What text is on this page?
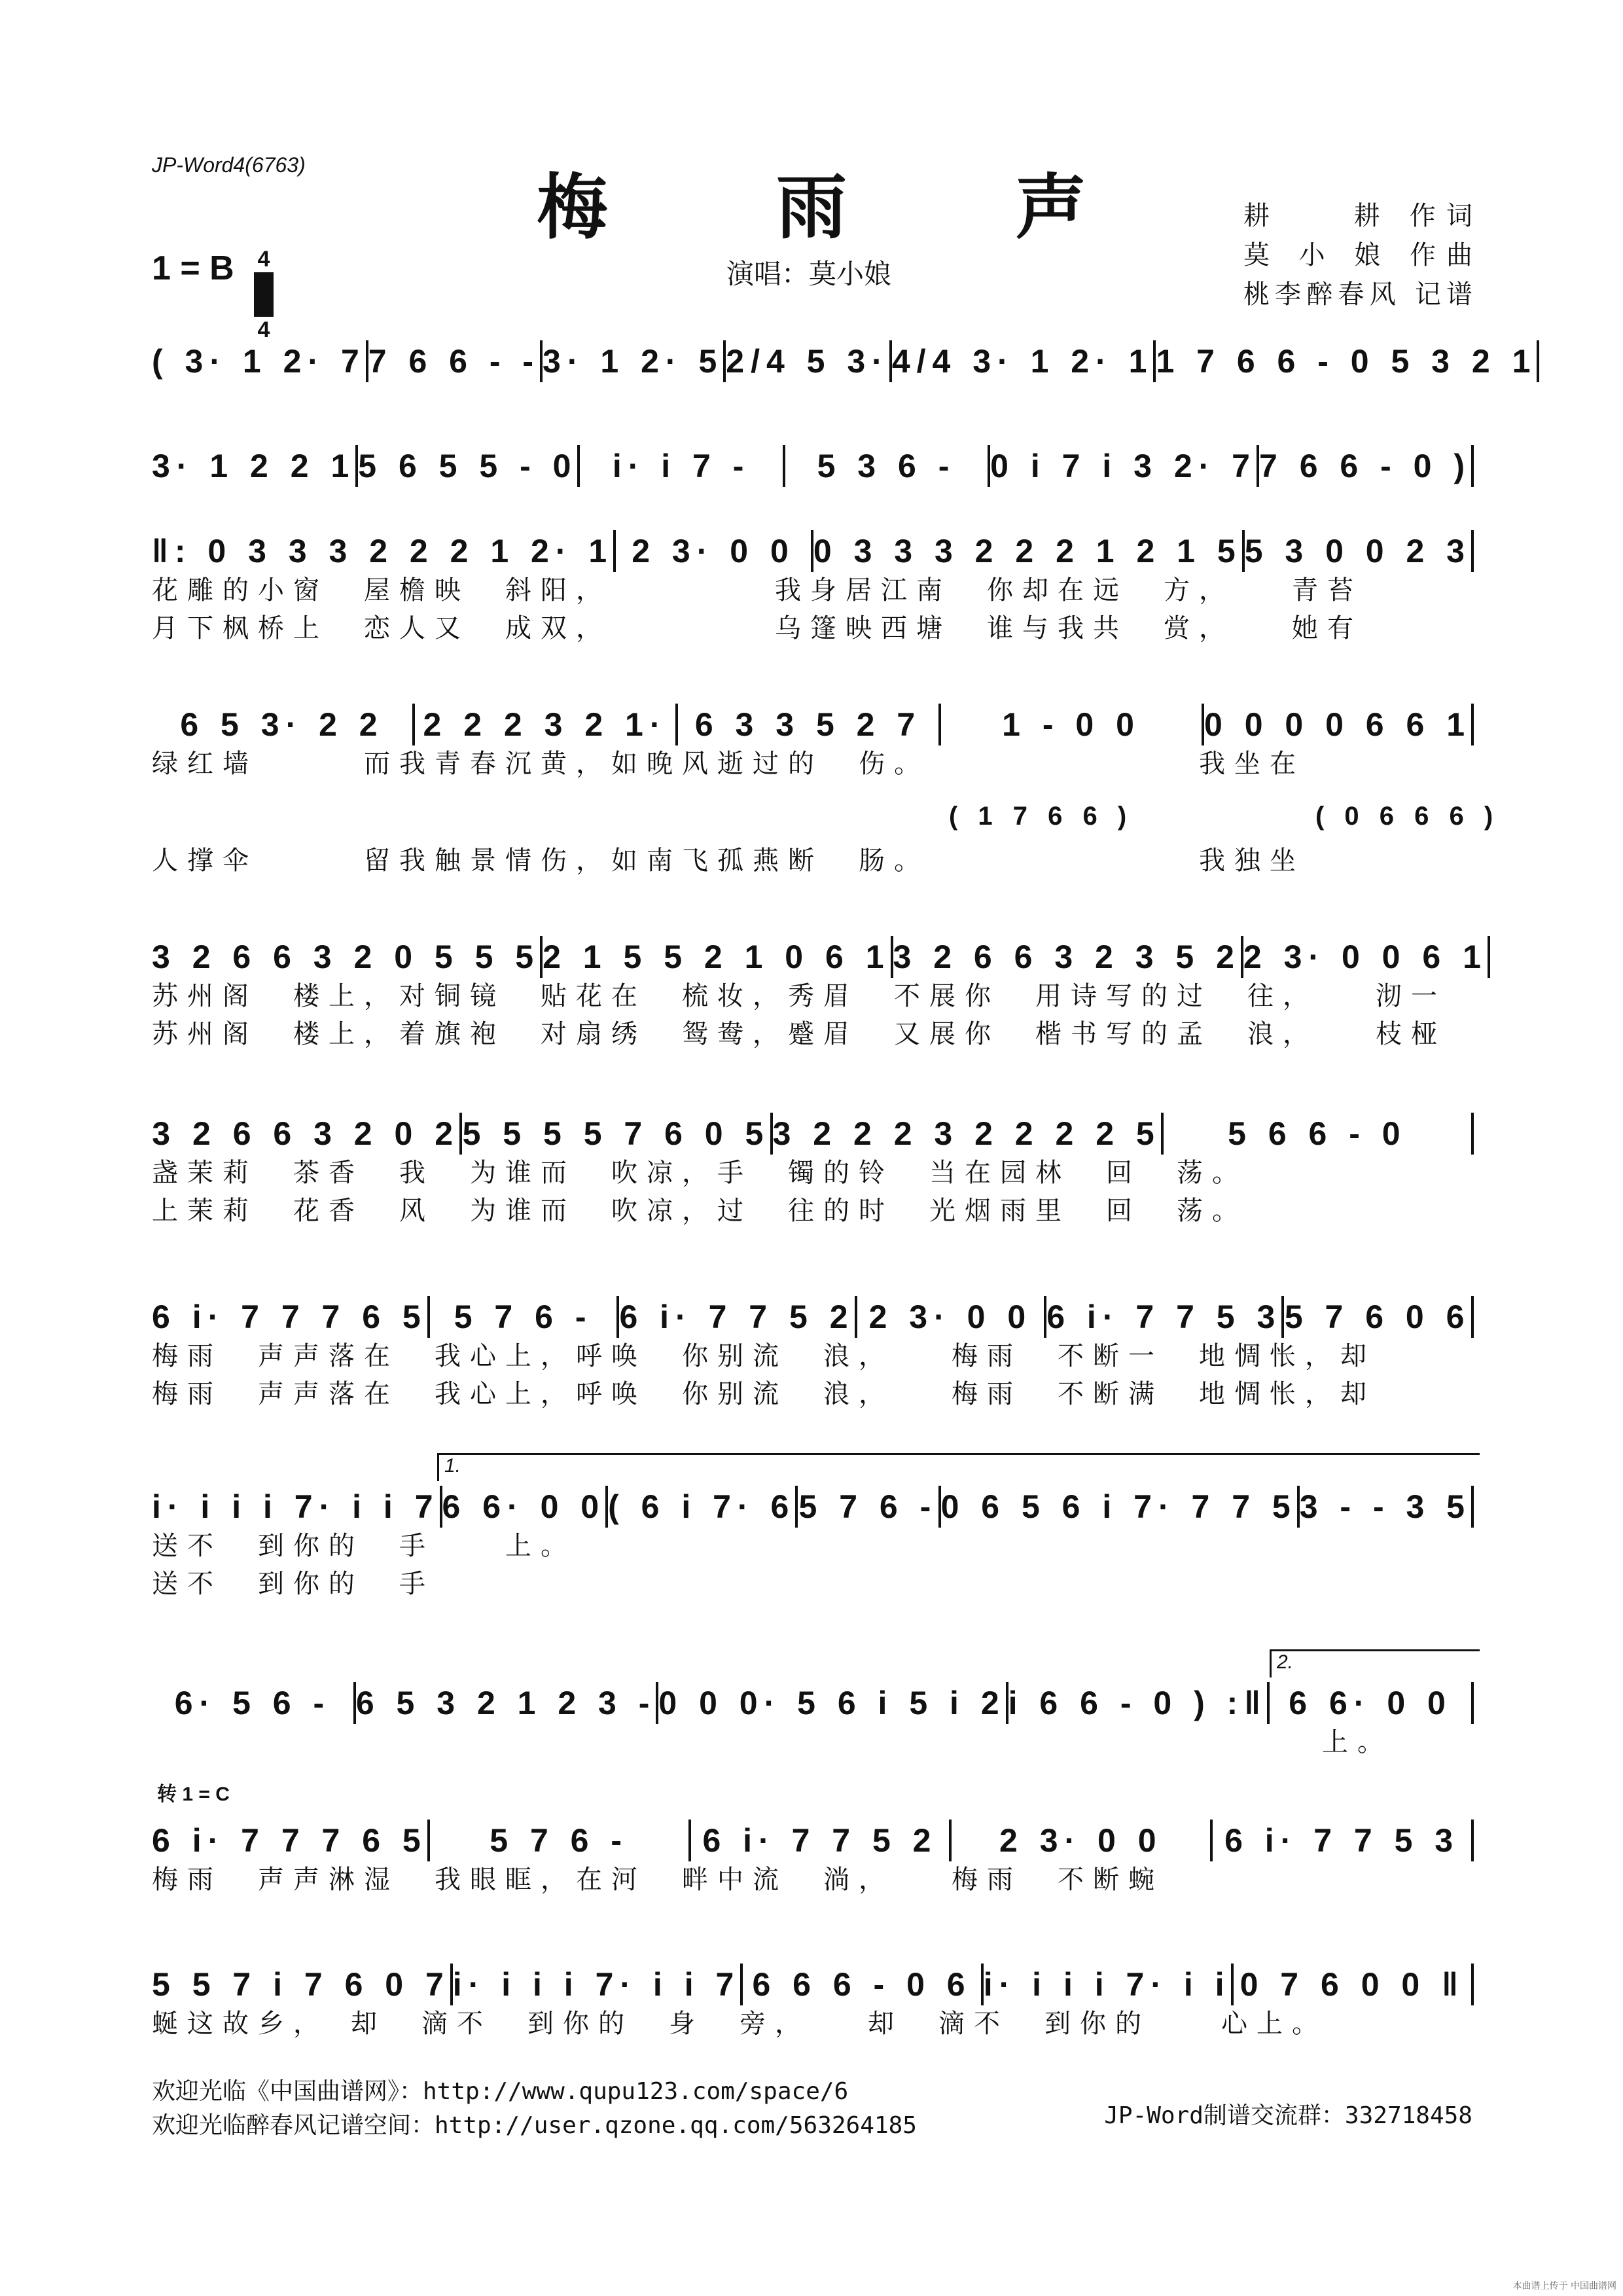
JP-Word4(6763)
梅 雨 声	耕　　耕 作词
莫 小 娘 作曲
桃李醉春风 记谱
1 = B 4
4
演唱：莫小娘
( 3· 1 2· 7 7 6 6 - - 3· 1 2· 5 2/4 5 3· 4/4 3· 1 2· 1 1 7 6 6 - 0 5 3 2 1
3· 1 2 2 1 5 6 5 5 - 0	i· i 7 -	5 3 6 -	0 i 7 i 3 2· 7 7 6 6 - 0 )
‖: 0 3 3 3 2 2 2 1 2· 1 2 3· 0 0 0 3 3 3 2 2 2 1 2 1 5 5 3 0 0 2 3
花雕的小窗　屋檐映　斜阳，　　　　　我身居江南　你却在远　方，　　青苔
月下枫桥上　恋人又　成双，　　　　　乌篷映西塘　谁与我共　赏，　　她有
6 5 3· 2 2	2 2 2 3 2 1· 6 3 3 5 2 7	1 - 0 0	0 0 0 0 6 6 1
绿红墙　　　而我青春沉黄，如晚风逝过的　伤。　　　　　　　　我坐在
人撑伞　　　留我触景情伤，如南飞孤燕断　肠。　　　　　　　　我独坐
( 1 7 6 6 )	( 0 6 6 6 )
3 2 6 6 3 2 0 5 5 5 2 1 5 5 2 1 0 6 1 3 2 6 6 3 2 3 5 2 2 3· 0 0 6 1
苏州阁　楼上，对铜镜　贴花在　梳妆，秀眉　不展你　用诗写的过　往，　　沏一
苏州阁　楼上，着旗袍　对扇绣　鸳鸯，蹙眉　又展你　楷书写的孟　浪，　　枝桠
3 2 6 6 3 2 0 2 5 5 5 5 7 6 0 5 3 2 2 2 3 2 2 2 2 5	5 6 6 - 0
盏茉莉　茶香　我　为谁而　吹凉，手　镯的铃　当在园林　回　荡。
上茉莉　花香　风　为谁而　吹凉，过　往的时　光烟雨里　回　荡。
6 i· 7 7 7 6 5 5 7 6 - 6 i· 7 7 5 2 2 3· 0 0 6 i· 7 7 5 3 5 7 6 0 6
梅雨　声声落在　我心上，呼唤　你别流　浪，　　梅雨　不断一　地惆怅，却
梅雨　声声落在　我心上，呼唤　你别流　浪，　　梅雨　不断满　地惆怅，却
i· i i i 7· i i 7 6 6· 0 0 ( 6 i 7· 6 5 7 6 - 0 6 5 6 i 7· 7 7 5 3 - - 3 5
送不　到你的　手　　上。
送不　到你的　手
1.
6· 5 6 - 6 5 3 2 1 2 3 - 0 0 0· 5 6 i 5 i 2 i 6 6 - 0 ) :‖ 6 6· 0 0
上。
2.
6 i· 7 7 7 6 5	5 7 6 -	6 i· 7 7 5 2	2 3· 0 0	6 i· 7 7 5 3
梅雨　声声淋湿　我眼眶，在河　畔中流　淌，　　梅雨　不断蜿
5 5 7 i 7 6 0 7 i· i i i 7· i i 7 6 6 6 - 0 6 i· i i i 7· i i 0 7 6 0 0 ‖
蜒这故乡，　却　滴不　到你的　身　旁，　　却　滴不　到你的　　心上。
转 1 = C
欢迎光临《中国曲谱网》：http://www.qupu123.com/space/6
欢迎光临醉春风记谱空间：http://user.qzone.qq.com/563264185	JP-Word制谱交流群：332718458
本曲谱上传于 中国曲谱网
